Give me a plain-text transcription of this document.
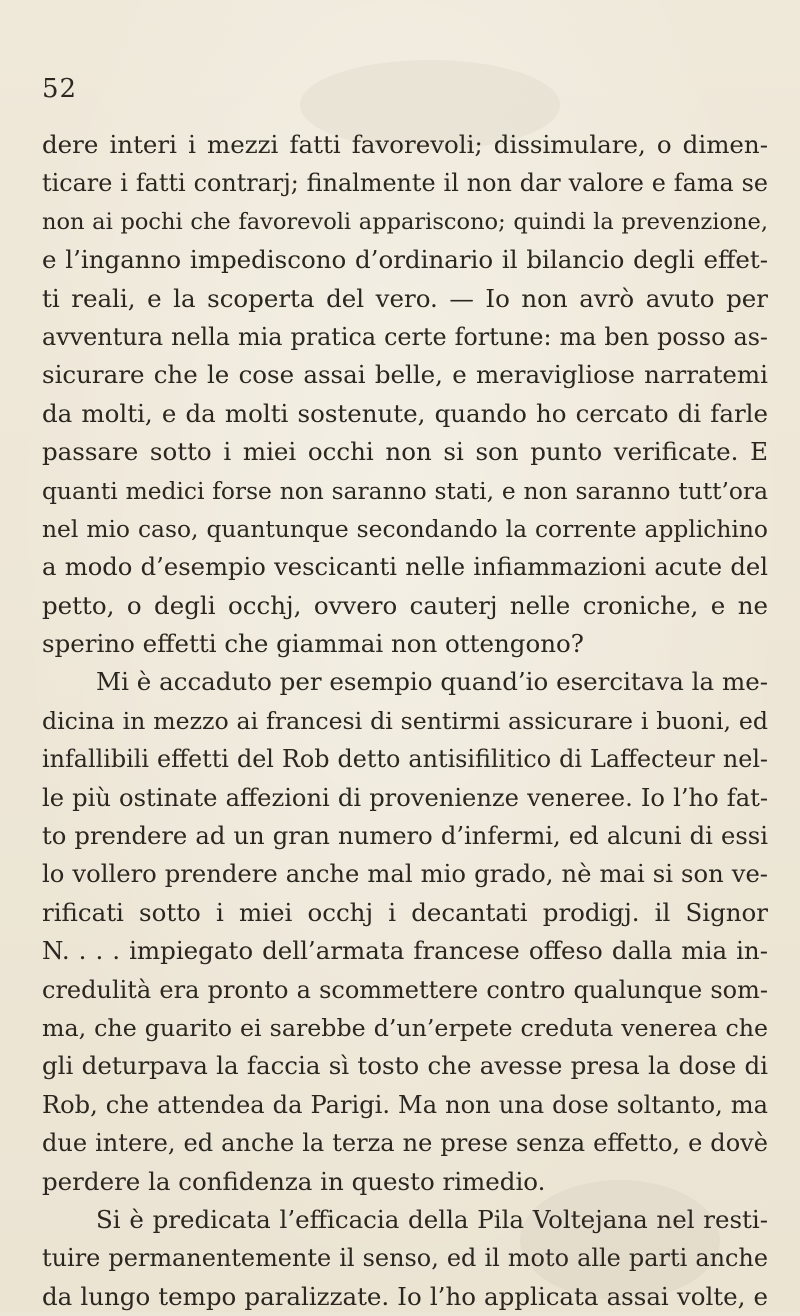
52
dere interi i mezzi fatti favorevoli; dissimulare, o dimen-
ticare i fatti contrarj; finalmente il non dar valore e fama se
non ai pochi che favorevoli appariscono; quindi la prevenzione,
e l’inganno impediscono d’ordinario il bilancio degli effet-
ti reali, e la scoperta del vero. — Io non avrò avuto per
avventura nella mia pratica certe fortune: ma ben posso as-
sicurare che le cose assai belle, e meravigliose narratemi
da molti, e da molti sostenute, quando ho cercato di farle
passare sotto i miei occhi non si son punto verificate. E
quanti medici forse non saranno stati, e non saranno tutt’ora
nel mio caso, quantunque secondando la corrente applichino
a modo d’esempio vescicanti nelle infiammazioni acute del
petto, o degli occhj, ovvero cauterj nelle croniche, e ne
sperino effetti che giammai non ottengono?
Mi è accaduto per esempio quand’io esercitava la me-
dicina in mezzo ai francesi di sentirmi assicurare i buoni, ed
infallibili effetti del Rob detto antisifilitico di Laffecteur nel-
le più ostinate affezioni di provenienze veneree. Io l’ho fat-
to prendere ad un gran numero d’infermi, ed alcuni di essi
lo vollero prendere anche mal mio grado, nè mai si son ve-
rificati sotto i miei occhj i decantati prodigj. il Signor
N. . . . impiegato dell’armata francese offeso dalla mia in-
credulità era pronto a scommettere contro qualunque som-
ma, che guarito ei sarebbe d’un’erpete creduta venerea che
gli deturpava la faccia sì tosto che avesse presa la dose di
Rob, che attendea da Parigi. Ma non una dose soltanto, ma
due intere, ed anche la terza ne prese senza effetto, e dovè
perdere la confidenza in questo rimedio.
Si è predicata l’efficacia della Pila Voltejana nel resti-
tuire permanentemente il senso, ed il moto alle parti anche
da lungo tempo paralizzate. Io l’ho applicata assai volte, e
